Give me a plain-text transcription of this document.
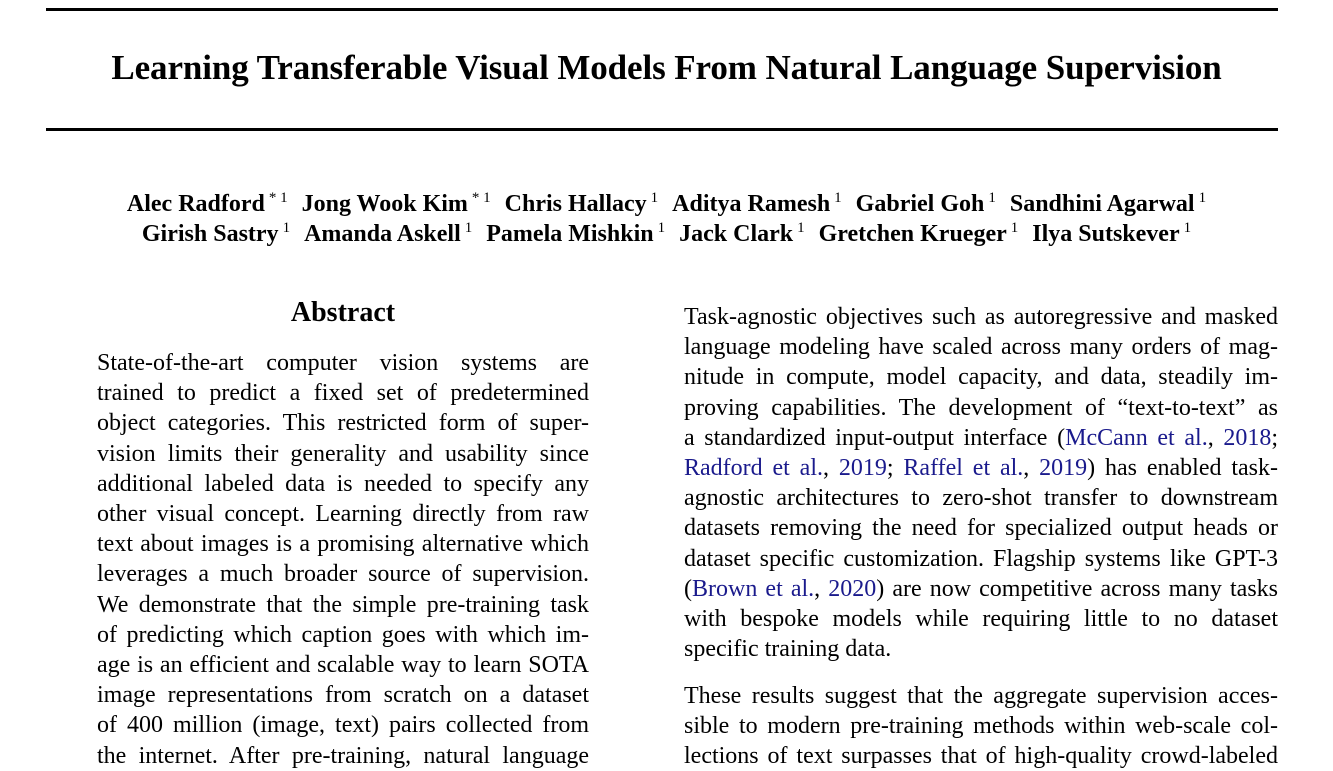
Learning Transferable Visual Models From Natural Language Supervision
Alec Radford $^{* 1}$ Jong Wook Kim $^{* 1}$ Chris Hallacy $^1$ Aditya Ramesh $^1$ Gabriel Goh $^1$ Sandhini Agarwal $^1$
Girish Sastry $^1$ Amanda Askell $^1$ Pamela Mishkin $^1$ Jack Clark $^1$ Gretchen Krueger $^1$ Ilya Sutskever $^1$
Abstract
State-of-the-art computer vision systems are
trained to predict a fixed set of predetermined
object categories. This restricted form of super-
vision limits their generality and usability since
additional labeled data is needed to specify any
other visual concept. Learning directly from raw
text about images is a promising alternative which
leverages a much broader source of supervision.
We demonstrate that the simple pre-training task
of predicting which caption goes with which im-
age is an efficient and scalable way to learn SOTA
image representations from scratch on a dataset
of 400 million (image, text) pairs collected from
the internet. After pre-training, natural language
Task-agnostic objectives such as autoregressive and masked
language modeling have scaled across many orders of mag-
nitude in compute, model capacity, and data, steadily im-
proving capabilities. The development of “text-to-text” as
a standardized input-output interface (McCann et al., 2018;
Radford et al., 2019; Raffel et al., 2019) has enabled task-
agnostic architectures to zero-shot transfer to downstream
datasets removing the need for specialized output heads or
dataset specific customization. Flagship systems like GPT-3
(Brown et al., 2020) are now competitive across many tasks
with bespoke models while requiring little to no dataset
specific training data.
These results suggest that the aggregate supervision acces-
sible to modern pre-training methods within web-scale col-
lections of text surpasses that of high-quality crowd-labeled
